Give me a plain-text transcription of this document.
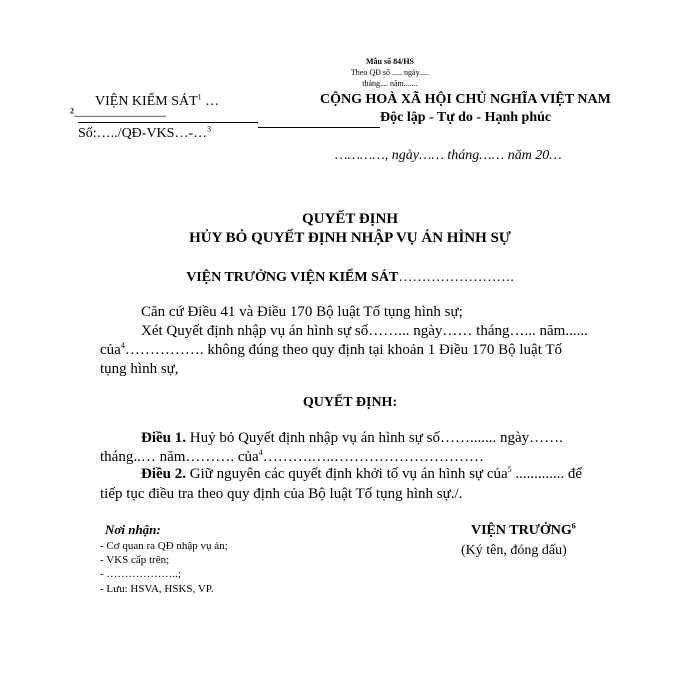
Mẫu số 84/HS
Theo QĐ số ..... ngày.....
tháng.... năm.......
VIỆN KIỂM SÁT$^1$ …
2..............................................
Số:…../QĐ-VKS…-…$^3$
CỘNG HOÀ XÃ HỘI CHỦ NGHĨA VIỆT NAM
Độc lập - Tự do - Hạnh phúc
…………, ngày…… tháng…… năm 20…
QUYẾT ĐỊNH
HỦY BỎ QUYẾT ĐỊNH NHẬP VỤ ÁN HÌNH SỰ
VIỆN TRƯỞNG VIỆN KIỂM SÁT…………………….
Căn cứ Điều 41 và Điều 170 Bộ luật Tố tụng hình sự;
Xét Quyết định nhập vụ án hình sự số……... ngày…… tháng…... năm......
của$^4$……………. không đúng theo quy định tại khoản 1 Điều 170 Bộ luật Tố
tụng hình sự,
QUYẾT ĐỊNH:
Điều 1. Huỷ bỏ Quyết định nhập vụ án hình sự số……....... ngày…….
tháng..… năm………. của$^4$……….…..…………………………
Điều 2. Giữ nguyên các quyết định khởi tố vụ án hình sự của$^5$ ............. để
tiếp tục điều tra theo quy định của Bộ luật Tố tụng hình sự./.
Nơi nhận:
- Cơ quan ra QĐ nhập vụ án;
- VKS cấp trên;
- ………………..;
- Lưu: HSVA, HSKS, VP.
VIỆN TRƯỞNG$^6$
(Ký tên, đóng dấu)
